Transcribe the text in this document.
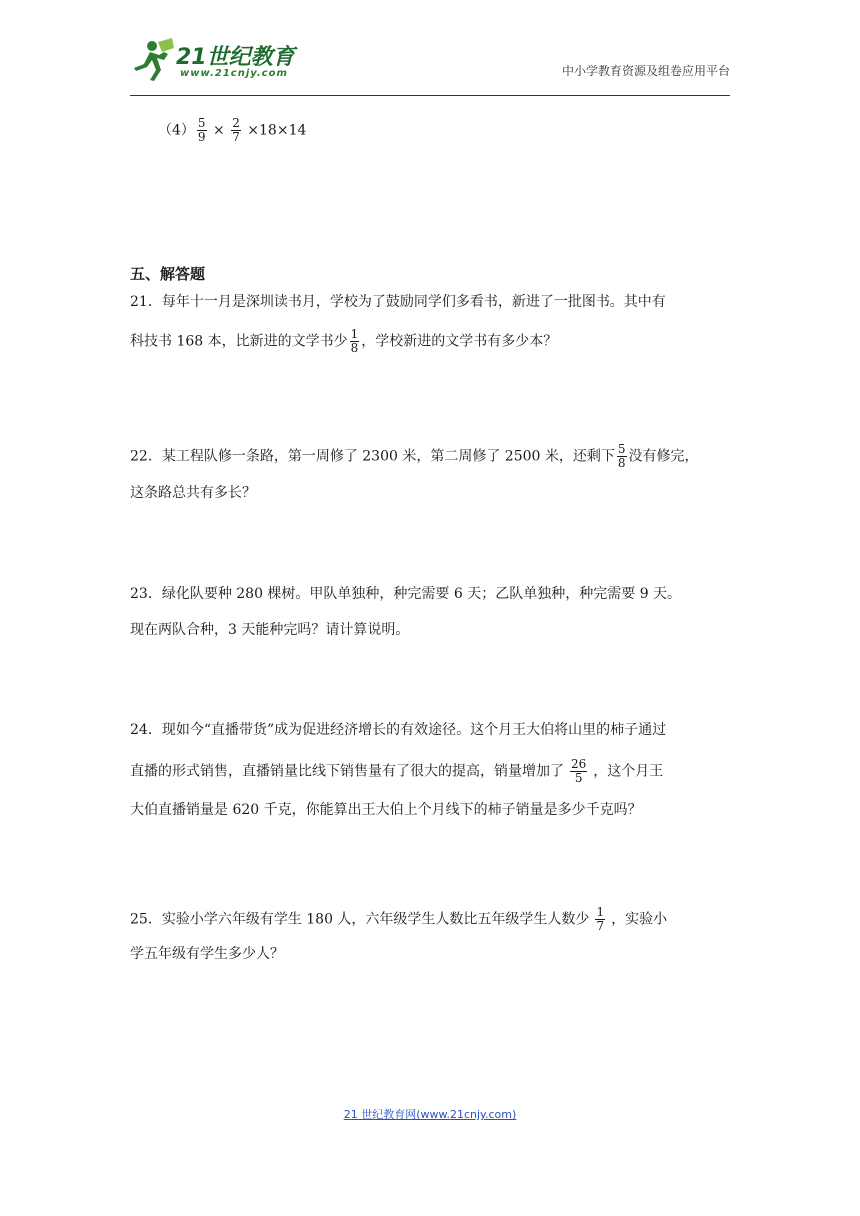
21世纪教育
www.21cnjy.com	中小学教育资源及组卷应用平台
$(4) \frac{5}{9} \times \frac{2}{7} \times 18\times 14$
五、解答题
21．每年十一月是深圳读书月，学校为了鼓励同学们多看书，新进了一批图书。其中有
科技书 168 本，比新进的文学书少 $\frac{1}{8}$ ，学校新进的文学书有多少本？
22．某工程队修一条路，第一周修了 2300 米，第二周修了 2500 米，还剩下 $\frac{5}{8}$ 没有修完，
这条路总共有多长？
23．绿化队要种 280 棵树。甲队单独种，种完需要 6 天；乙队单独种，种完需要 9 天。
现在两队合种，3 天能种完吗？请计算说明。
24．现如今“直播带货”成为促进经济增长的有效途径。这个月王大伯将山里的柿子通过
直播的形式销售，直播销量比线下销售量有了很大的提高，销量增加了 $\frac{26}{5}$ ，这个月王
大伯直播销量是 620 千克，你能算出王大伯上个月线下的柿子销量是多少千克吗？
25．实验小学六年级有学生 180 人，六年级学生人数比五年级学生人数少 $\frac{1}{7}$ ，实验小
学五年级有学生多少人？
21 世纪教育网(www.21cnjy.com)
